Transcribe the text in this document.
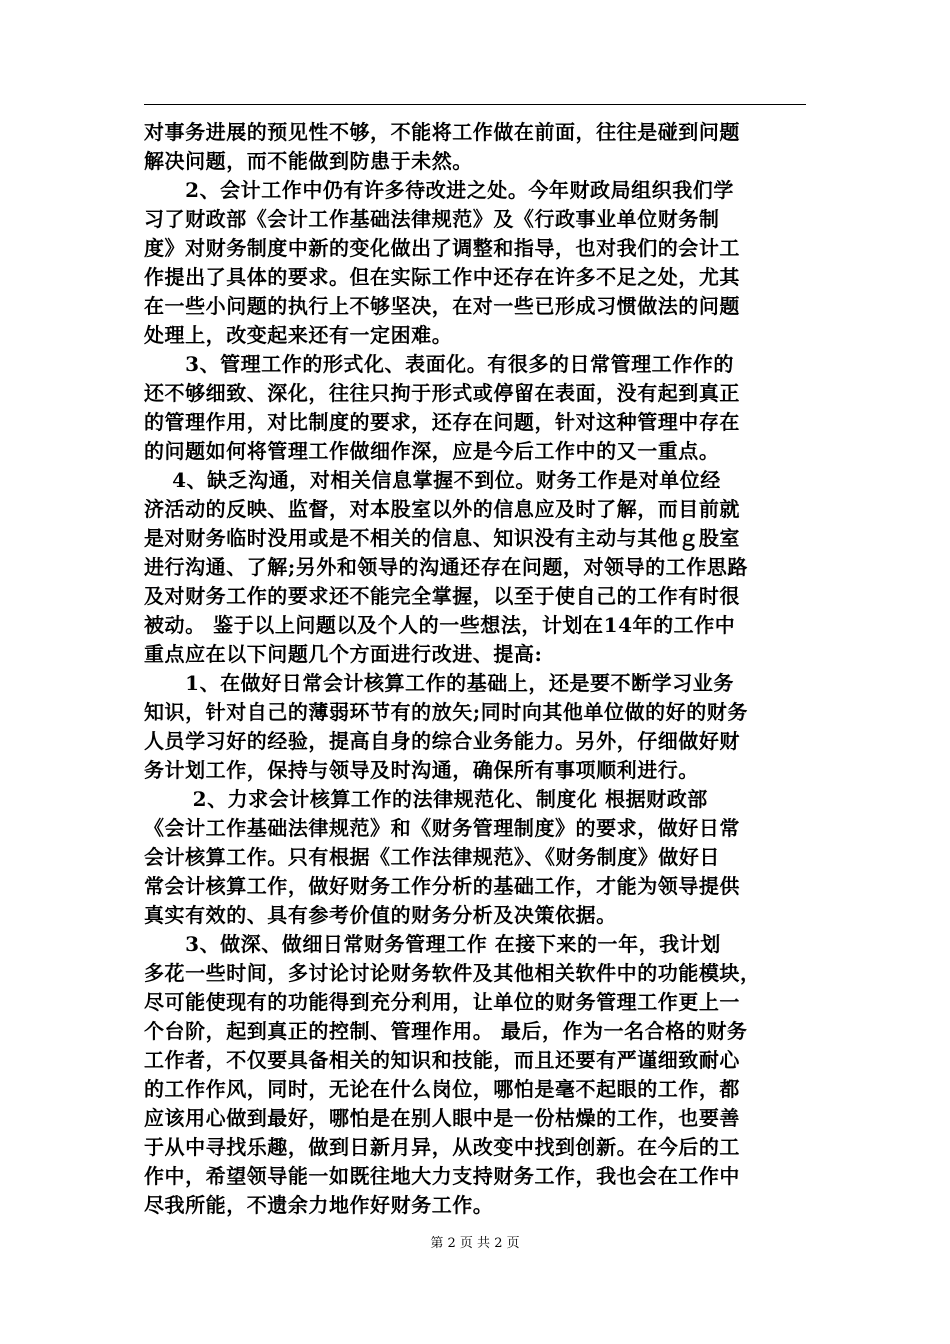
对事务进展的预见性不够，不能将工作做在前面，往往是碰到问题
解决问题，而不能做到防患于未然。
　　2、会计工作中仍有许多待改进之处。今年财政局组织我们学
习了财政部《会计工作基础法律规范》及《行政事业单位财务制
度》对财务制度中新的变化做出了调整和指导，也对我们的会计工
作提出了具体的要求。但在实际工作中还存在许多不足之处，尤其
在一些小问题的执行上不够坚决，在对一些已形成习惯做法的问题
处理上，改变起来还有一定困难。
　　3、管理工作的形式化、表面化。有很多的日常管理工作作的
还不够细致、深化，往往只拘于形式或停留在表面，没有起到真正
的管理作用，对比制度的要求，还存在问题，针对这种管理中存在
的问题如何将管理工作做细作深，应是今后工作中的又一重点。
　 4、缺乏沟通，对相关信息掌握不到位。财务工作是对单位经
济活动的反映、监督，对本股室以外的信息应及时了解，而目前就
是对财务临时没用或是不相关的信息、知识没有主动与其他ｇ股室
进行沟通、了解;另外和领导的沟通还存在问题，对领导的工作思路
及对财务工作的要求还不能完全掌握，以至于使自己的工作有时很
被动。 鉴于以上问题以及个人的一些想法，计划在14年的工作中
重点应在以下问题几个方面进行改进、提高:
　　1、在做好日常会计核算工作的基础上，还是要不断学习业务
知识，针对自己的薄弱环节有的放矢;同时向其他单位做的好的财务
人员学习好的经验，提高自身的综合业务能力。另外，仔细做好财
务计划工作，保持与领导及时沟通，确保所有事项顺利进行。
　　 2、力求会计核算工作的法律规范化、制度化 根据财政部
《会计工作基础法律规范》和《财务管理制度》的要求，做好日常
会计核算工作。只有根据《工作法律规范》、《财务制度》做好日
常会计核算工作，做好财务工作分析的基础工作，才能为领导提供
真实有效的、具有参考价值的财务分析及决策依据。
　　3、做深、做细日常财务管理工作 在接下来的一年，我计划
多花一些时间，多讨论讨论财务软件及其他相关软件中的功能模块，
尽可能使现有的功能得到充分利用，让单位的财务管理工作更上一
个台阶，起到真正的控制、管理作用。 最后，作为一名合格的财务
工作者，不仅要具备相关的知识和技能，而且还要有严谨细致耐心
的工作作风，同时，无论在什么岗位，哪怕是毫不起眼的工作，都
应该用心做到最好，哪怕是在别人眼中是一份枯燥的工作，也要善
于从中寻找乐趣，做到日新月异，从改变中找到创新。在今后的工
作中，希望领导能一如既往地大力支持财务工作，我也会在工作中
尽我所能，不遗余力地作好财务工作。
第 2 页 共 2 页
